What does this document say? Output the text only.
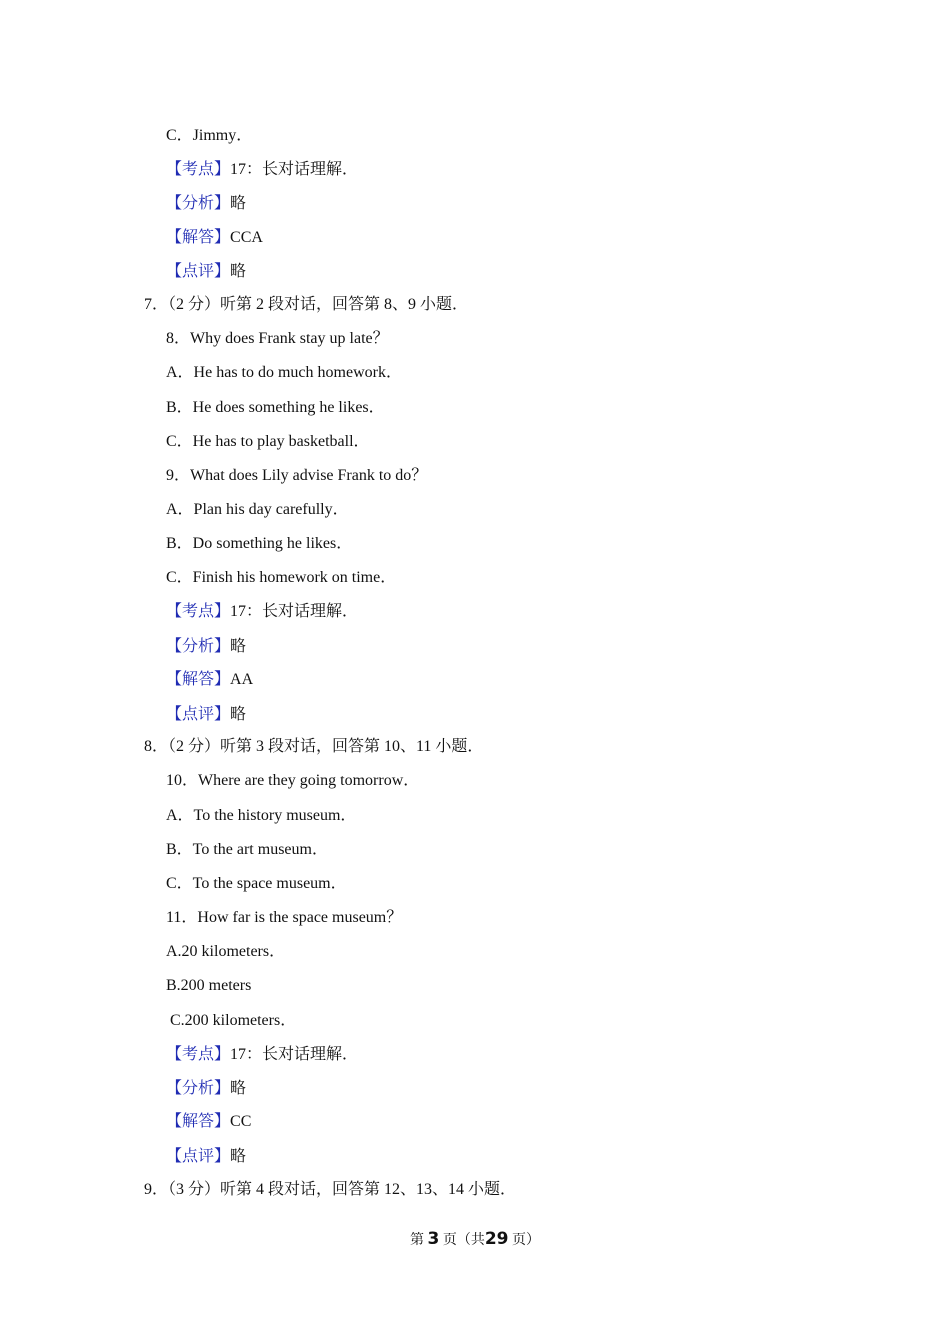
C．Jimmy．
【考点】17：长对话理解．
【分析】略
【解答】CCA
【点评】略
7．（2 分）听第 2 段对话，回答第 8、9 小题．
8．Why does Frank stay up late？
A．He has to do much homework．
B．He does something he likes．
C．He has to play basketball．
9．What does Lily advise Frank to do？
A．Plan his day carefully．
B．Do something he likes．
C．Finish his homework on time．
【考点】17：长对话理解．
【分析】略
【解答】AA
【点评】略
8．（2 分）听第 3 段对话，回答第 10、11 小题．
10．Where are they going tomorrow．
A．To the history museum．
B．To the art museum．
C．To the space museum．
11．How far is the space museum？
A.20 kilometers．
B.200 meters
C.200 kilometers．
【考点】17：长对话理解．
【分析】略
【解答】CC
【点评】略
9．（3 分）听第 4 段对话，回答第 12、13、14 小题．
第 3 页（共29 页）
